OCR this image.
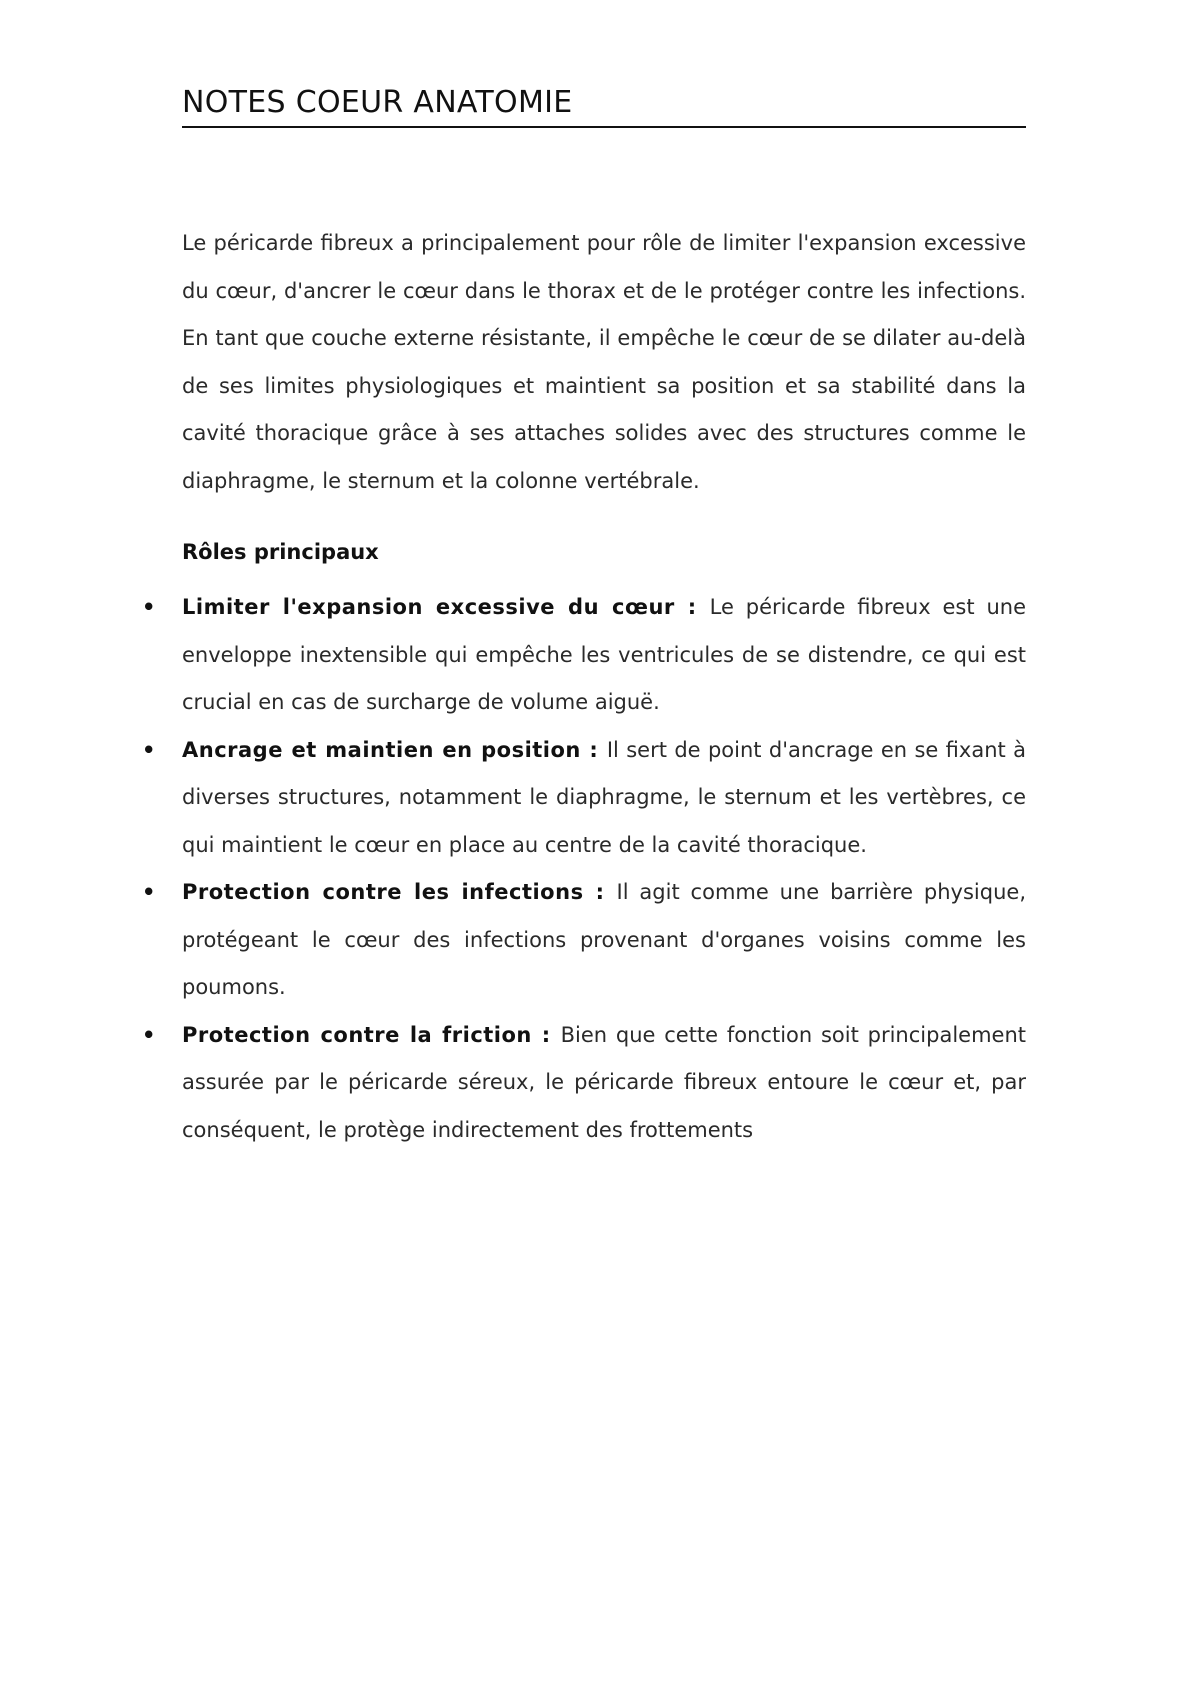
NOTES COEUR ANATOMIE

Le péricarde fibreux a principalement pour rôle de limiter l'expansion excessive du cœur, d'ancrer le cœur dans le thorax et de le protéger contre les infections. En tant que couche externe résistante, il empêche le cœur de se dilater au-delà de ses limites physiologiques et maintient sa position et sa stabilité dans la cavité thoracique grâce à ses attaches solides avec des structures comme le diaphragme, le sternum et la colonne vertébrale.

Rôles principaux
• Limiter l'expansion excessive du cœur : Le péricarde fibreux est une enveloppe inextensible qui empêche les ventricules de se distendre, ce qui est crucial en cas de surcharge de volume aiguë.
• Ancrage et maintien en position : Il sert de point d'ancrage en se fixant à diverses structures, notamment le diaphragme, le sternum et les vertèbres, ce qui maintient le cœur en place au centre de la cavité thoracique.
• Protection contre les infections : Il agit comme une barrière physique, protégeant le cœur des infections provenant d'organes voisins comme les poumons.
• Protection contre la friction : Bien que cette fonction soit principalement assurée par le péricarde séreux, le péricarde fibreux entoure le cœur et, par conséquent, le protège indirectement des frottements
